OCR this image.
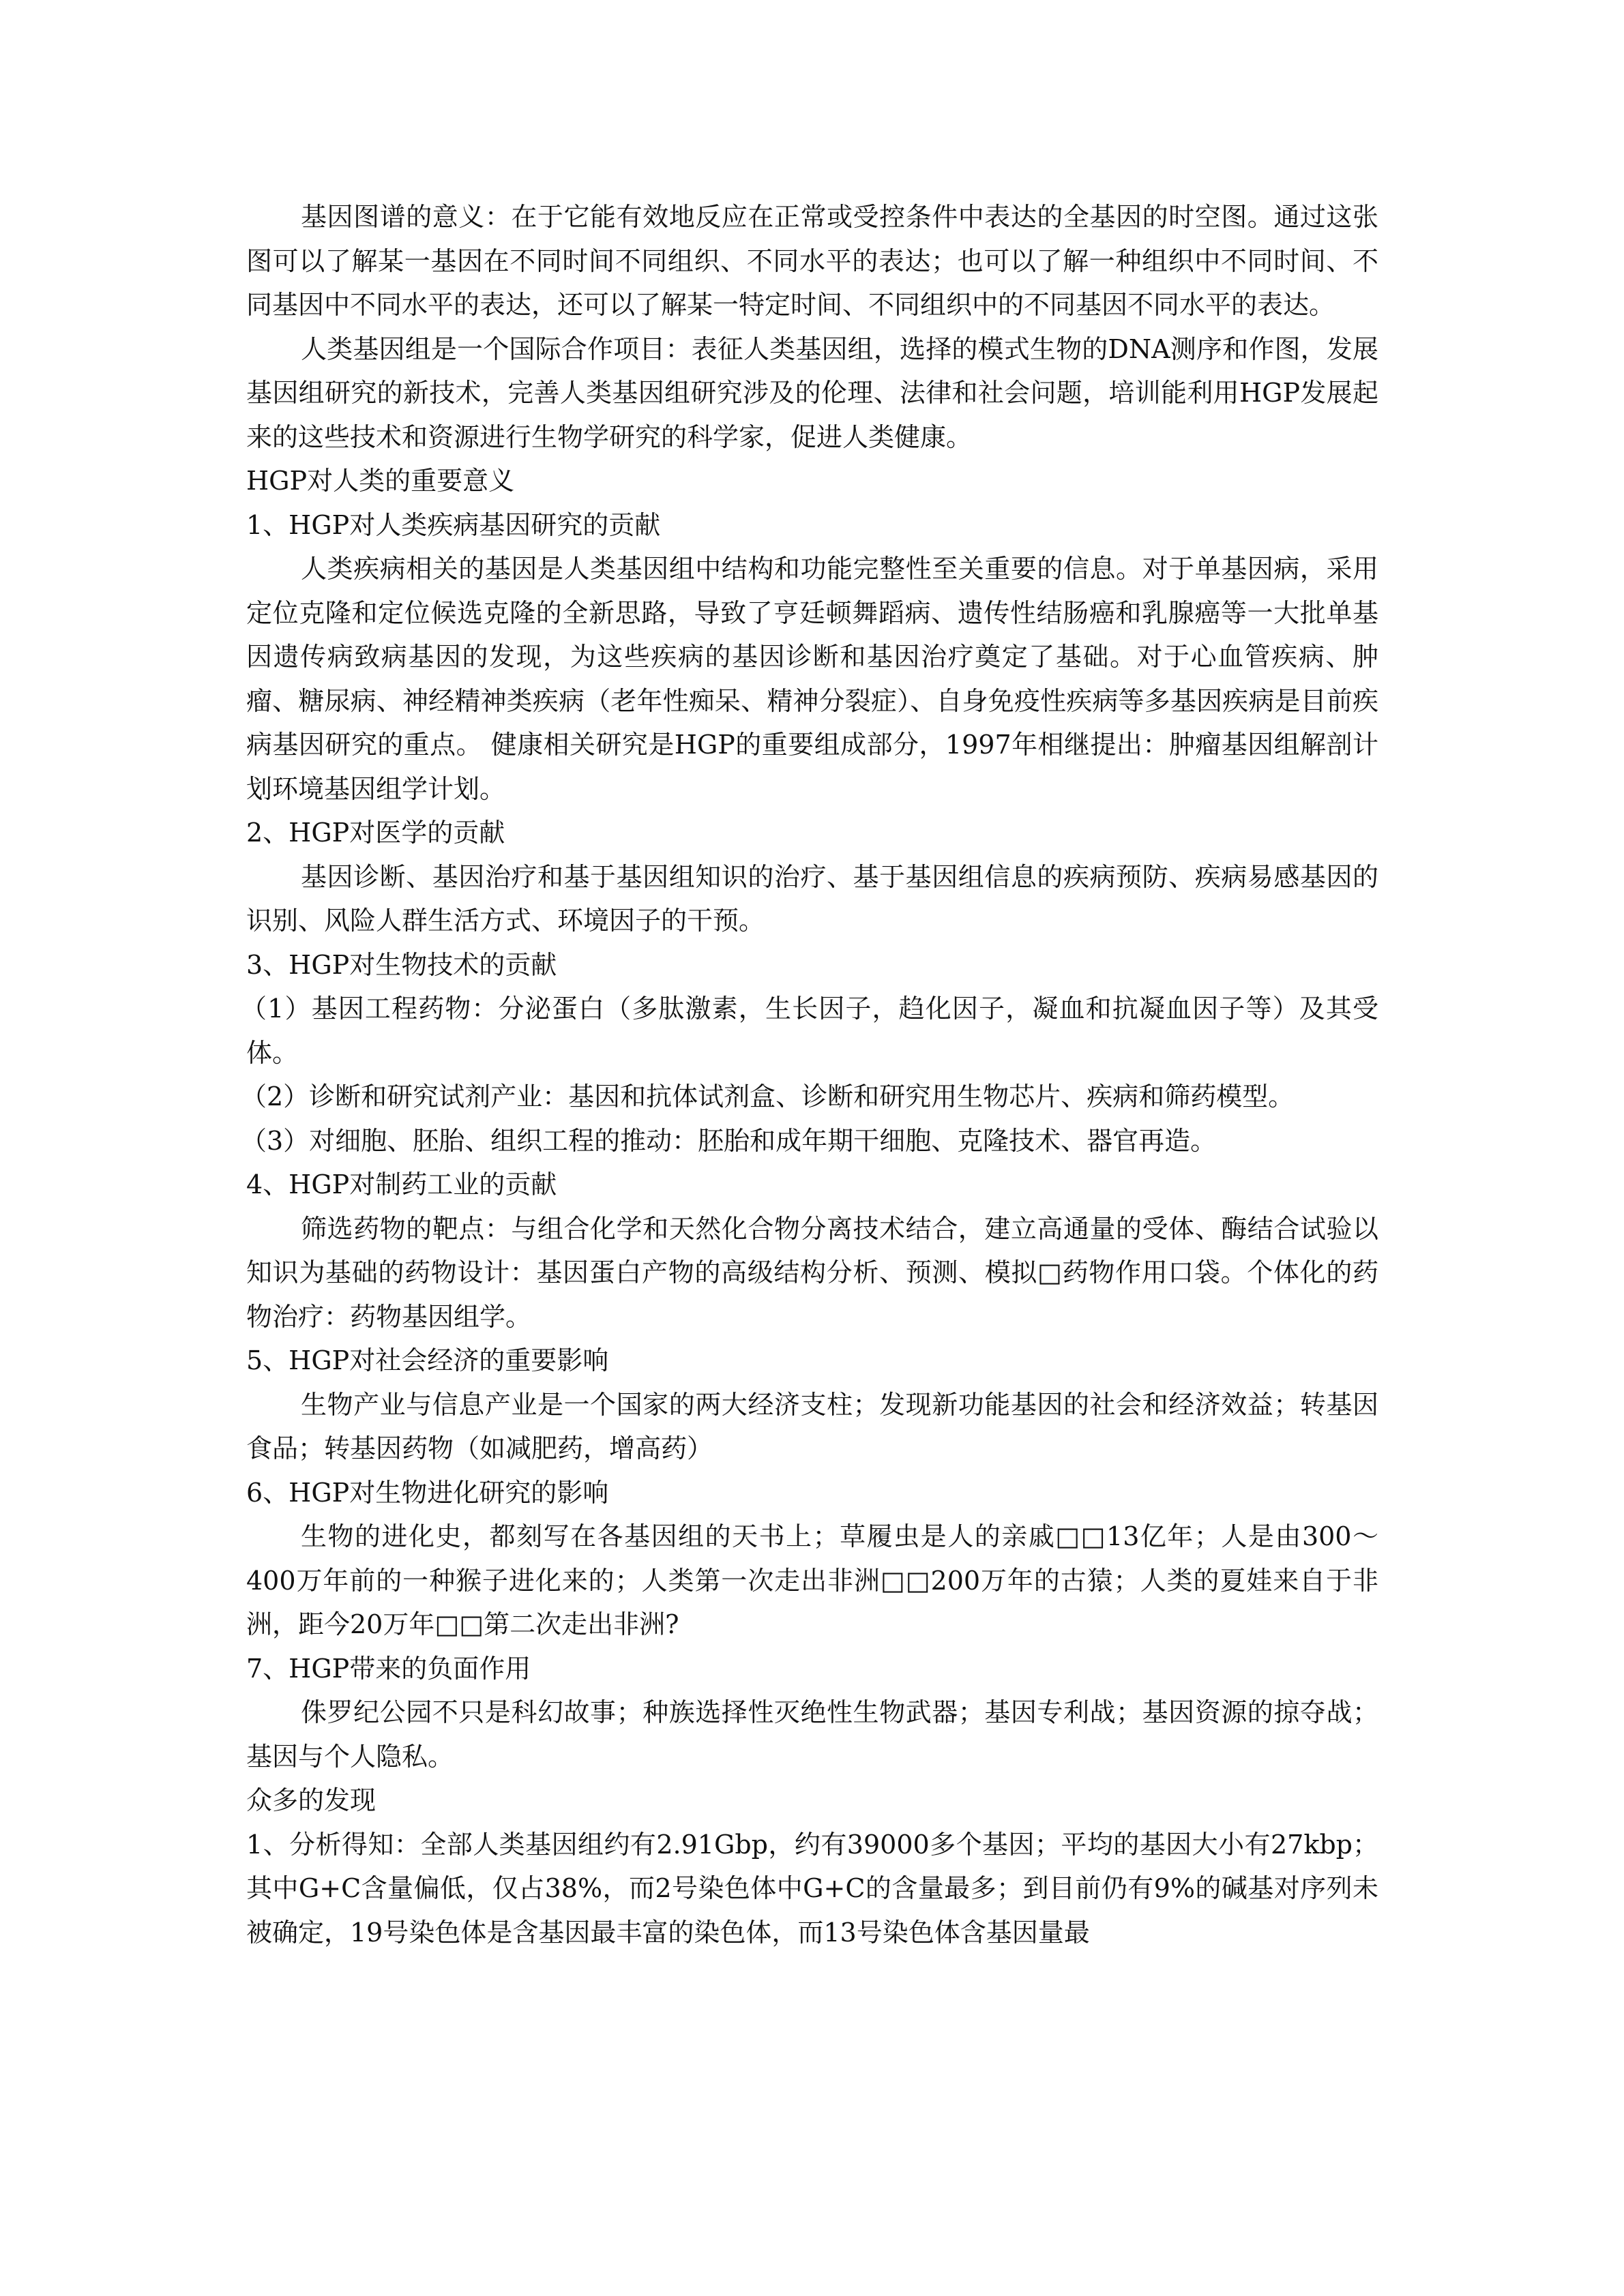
基因图谱的意义：在于它能有效地反应在正常或受控条件中表达的全基因的时空图。通过这张图可以了解某一基因在不同时间不同组织、不同水平的表达；也可以了解一种组织中不同时间、不同基因中不同水平的表达，还可以了解某一特定时间、不同组织中的不同基因不同水平的表达。

人类基因组是一个国际合作项目：表征人类基因组，选择的模式生物的DNA测序和作图，发展基因组研究的新技术，完善人类基因组研究涉及的伦理、法律和社会问题，培训能利用HGP发展起来的这些技术和资源进行生物学研究的科学家，促进人类健康。

HGP对人类的重要意义

1、HGP对人类疾病基因研究的贡献

人类疾病相关的基因是人类基因组中结构和功能完整性至关重要的信息。对于单基因病，采用定位克隆和定位候选克隆的全新思路，导致了亨廷顿舞蹈病、遗传性结肠癌和乳腺癌等一大批单基因遗传病致病基因的发现，为这些疾病的基因诊断和基因治疗奠定了基础。对于心血管疾病、肿瘤、糖尿病、神经精神类疾病（老年性痴呆、精神分裂症）、自身免疫性疾病等多基因疾病是目前疾病基因研究的重点。 健康相关研究是HGP的重要组成部分，1997年相继提出：肿瘤基因组解剖计划环境基因组学计划。

2、HGP对医学的贡献

基因诊断、基因治疗和基于基因组知识的治疗、基于基因组信息的疾病预防、疾病易感基因的识别、风险人群生活方式、环境因子的干预。

3、HGP对生物技术的贡献

（1）基因工程药物：分泌蛋白（多肽激素，生长因子，趋化因子，凝血和抗凝血因子等）及其受体。

（2）诊断和研究试剂产业：基因和抗体试剂盒、诊断和研究用生物芯片、疾病和筛药模型。

（3）对细胞、胚胎、组织工程的推动：胚胎和成年期干细胞、克隆技术、器官再造。

4、HGP对制药工业的贡献

筛选药物的靶点：与组合化学和天然化合物分离技术结合，建立高通量的受体、酶结合试验以知识为基础的药物设计：基因蛋白产物的高级结构分析、预测、模拟□药物作用口袋。个体化的药物治疗：药物基因组学。

5、HGP对社会经济的重要影响

生物产业与信息产业是一个国家的两大经济支柱；发现新功能基因的社会和经济效益；转基因食品；转基因药物（如减肥药，增高药）

6、HGP对生物进化研究的影响

生物的进化史，都刻写在各基因组的天书上；草履虫是人的亲戚□□13亿年；人是由300～400万年前的一种猴子进化来的；人类第一次走出非洲□□200万年的古猿；人类的夏娃来自于非洲，距今20万年□□第二次走出非洲?

7、HGP带来的负面作用

侏罗纪公园不只是科幻故事；种族选择性灭绝性生物武器；基因专利战；基因资源的掠夺战；基因与个人隐私。

众多的发现

1、分析得知：全部人类基因组约有2.91Gbp，约有39000多个基因；平均的基因大小有27kbp；其中G+C含量偏低，仅占38%，而2号染色体中G+C的含量最多；到目前仍有9%的碱基对序列未被确定，19号染色体是含基因最丰富的染色体，而13号染色体含基因量最
